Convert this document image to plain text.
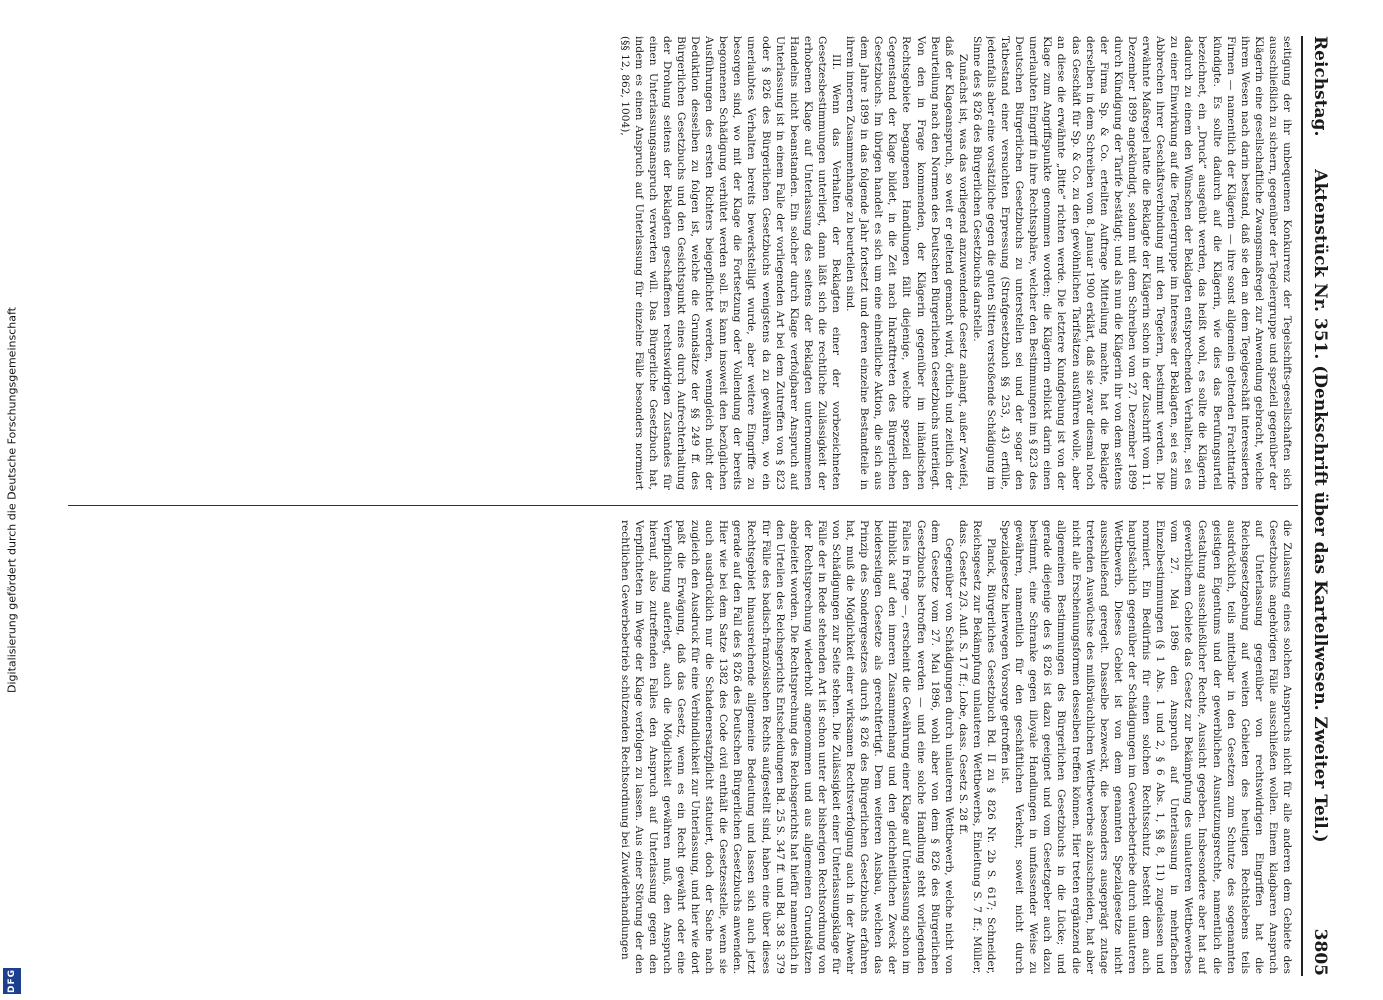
Digitalisierung gefördert durch die Deutsche Forschungsgemeinschaft
DFG
Reichstag.
Aktenstück Nr. 351. (Denkschrift über das Kartellwesen. Zweiter Teil.)
3805

seitigung der ihr unbequemen Konkurrenz der Tegelschifts-gesellschaften sich ausschließlich zu sichern, gegenüber der Tegelergruppe und speziell gegenüber der Klägerin eine gesellschaftliche Zwangsmaßregel zur Anwendung gebracht, welche ihrem Wesen nach darin bestand, daß sie den an dem Tegelgeschäft interessierten Firmen — namentlich der Klägerin — ihre sonst allgemein geltenden Frachttarife kündigte. Es sollte dadurch auf die Klägerin, wie dies das Berufungsurteil bezeichnet, ein „Druck“ ausgeübt werden, das heißt wohl, es sollte die Klägerin dadurch zu einem den Wünschen der Beklagten entsprechenden Verhalten, sei es zu einer Einwirkung auf die Tegelergruppe im Interesse der Beklagten, sei es zum Abbrechen ihrer Geschäftsverbindung mit den Tegelern, bestimmt werden. Die erwähnte Maßregel hatte die Beklagte der Klägerin schon in der Zuschrift vom 11. Dezember 1899 angekündigt, sodann mit dem Schreiben vom 27. Dezember 1899 durch Kündigung der Tarife bestätigt; und als nun die Klägerin ihr von dem seitens der Firma Sp. & Co. erteilten Auftrage Mitteilung machte, hat die Beklagte derselben in dem Schreiben vom 8. Januar 1900 erklärt, daß sie zwar diesmal noch das Geschäft für Sp. & Co. zu den gewöhnlichen Tarifsätzen ausführen wolle, aber an diese die erwähnte „Bitte“ richten werde. Die letztere Kundgebung ist von der Klage zum Angriffspunkte genommen worden; die Klägerin erblickt darin einen unerlaubten Eingriff in ihre Rechtssphäre, welcher den Bestimmungen im § 823 des Deutschen Bürgerlichen Gesetzbuchs zu unterstellen sei und der sogar den Tatbestand einer versuchten Erpressung (Strafgesetzbuch §§ 253, 43) erfülle, jedenfalls aber eine vorsätzliche gegen die guten Sitten verstoßende Schädigung im Sinne des § 826 des Bürgerlichen Gesetzbuchs darstelle.

Zunächst ist, was das vorliegend anzuwendende Gesetz anlangt, außer Zweifel, daß der Klageanspruch, so weit er geltend gemacht wird, örtlich und zeitlich der Beurteilung nach den Normen des Deutschen Bürgerlichen Gesetzbuchs unterliegt. Von den in Frage kommenden, der Klägerin gegenüber im inländischen Rechtsgebiete begangenen Handlungen fällt diejenige, welche speziell den Gegenstand der Klage bildet, in die Zeit nach Inkrafttreten des Bürgerlichen Gesetzbuchs. Im übrigen handelt es sich um eine einheitliche Aktion, die sich aus dem Jahre 1899 in das folgende Jahr fortsetzt und deren einzelne Bestandteile in ihrem inneren Zusammenhange zu beurteilen sind.

III. Wenn das Verhalten der Beklagten einer der vorbezeichneten Gesetzesbestimmungen unterliegt, dann läßt sich die rechtliche Zulässigkeit der erhobenen Klage auf Unterlassung des seitens der Beklagten unternommenen Handelns nicht beanstanden. Ein solcher durch Klage verfolgbarer Anspruch auf Unterlassung ist in einem Falle der vorliegenden Art bei dem Zutreffen von § 823 oder § 826 des Bürgerlichen Gesetzbuchs wenigstens da zu gewähren, wo ein unerlaubtes Verhalten bereits bewerkstelligt wurde, aber weitere Eingriffe zu besorgen sind, wo mit der Klage die Fortsetzung oder Vollendung der bereits begonnenen Schädigung verhütet werden soll. Es kann insoweit den bezüglichen Ausführungen des ersten Richters beigepflichtet werden, wenngleich nicht der Deduktion desselben zu folgen ist, welche die Grundsätze der §§ 249 ff. des Bürgerlichen Gesetzbuchs und den Gesichtspunkt eines durch Aufrechterhaltung der Drohung seitens der Beklagten geschaffenen rechtswidrigen Zustandes für einen Unterlassungsanspruch verwerten will. Das Bürgerliche Gesetzbuch hat, indem es einen Anspruch auf Unterlassung für einzelne Fälle besonders normiert (§§ 12, 862, 1004),

die Zulassung eines solchen Anspruchs nicht für alle anderen dem Gebiete des Gesetzbuchs angehörigen Fälle ausschließen wollen. Einem klagbaren Anspruch auf Unterlassung gegenüber von rechtswidrigen Eingriffen hat die Reichsgesetzgebung auf weiten Gebieten des heutigen Rechtslebens teils ausdrücklich, teils mittelbar in den Gesetzen zum Schutze des sogenannten geistigen Eigentums und der gewerblichen Ausnutzungsrechte, namentlich die Gestaltung ausschließlicher Rechte, Aussicht gegeben. Insbesondere aber hat auf gewerblichem Gebiete das Gesetz zur Bekämpfung des unlauteren Wettbewerbes vom 27. Mai 1896 den Anspruch auf Unterlassung in mehrfachen Einzelbestimmungen (§ 1 Abs. 1 und 2, § 6 Abs. 1, §§ 8, 11) zugelassen und normiert. Ein Bedürfnis für einen solchen Rechtsschutz besteht dem auch hauptsächlich gegenüber der Schädigungen im Gewerbebetriebe durch unlauteren Wettbewerb. Dieses Gebiet ist von dem genannten Spezialgesetze nicht ausschließend geregelt. Dasselbe bezweckt, die besonders ausgeprägt zutage tretenden Auswüchse des mißbräuchlichen Wettbewerbes abzuschneiden, hat aber nicht alle Erscheinungsformen desselben treffen können. Hier treten ergänzend die allgemeinen Bestimmungen des Bürgerlichen Gesetzbuchs in die Lücke; und gerade diejenige des § 826 ist dazu geeignet und vom Gesetzgeber auch dazu bestimmt, eine Schranke gegen illoyale Handlungen in umfassender Weise zu gewähren, namentlich für den geschäftlichen Verkehr, soweit nicht durch Spezialgesetze hierwegen Vorsorge getroffen ist.

Planck, Bürgerliches Gesetzbuch Bd. II zu § 826 Nr. 2b S. 617; Schneider, Reichsgesetz zur Bekämpfung unlauteren Wettbewerbs, Einleitung S. 7 ff.; Müller, dass. Gesetz 2/3. Aufl. S. 17 ff.; Lobe, dass. Gesetz S. 28 ff.

Gegenüber von Schädigungen durch unlauteren Wettbewerb, welche nicht von dem Gesetze vom 27. Mai 1896, wohl aber von dem § 826 des Bürgerlichen Gesetzbuchs betroffen werden — und eine solche Handlung steht vorliegenden Falles in Frage —, erscheint die Gewährung einer Klage auf Unterlassung schon im Hinblick auf den inneren Zusammenhang und den gleichheitlichen Zweck der beiderseitigen Gesetze als gerechtfertigt. Dem weiteren Ausbau, welchen das Prinzip des Sondergesetzes durch § 826 des Bürgerlichen Gesetzbuchs erfahren hat, muß die Möglichkeit einer wirksamen Rechtsverfolgung auch in der Abwehr von Schädigungen zur Seite stehen. Die Zulässigkeit einer Unterlassungsklage für Fälle der in Rede stehenden Art ist schon unter der bisherigen Rechtsordnung von der Rechtsprechung wiederholt angenommen und aus allgemeinen Grundsätzen abgeleitet worden. Die Rechtsprechung des Reichsgerichts hat hiefür namentlich in den Urteilen des Reichsgerichts Entscheidungen Bd. 25 S. 347 ff. und Bd. 38 S. 379 für Fälle des badisch-französischen Rechts aufgestellt sind, haben eine über dieses Rechtsgebiet hinausreichende allgemeine Bedeutung und lassen sich auch jetzt gerade auf den Fall des § 826 des Deutschen Bürgerlichen Gesetzbuchs anwenden. Hier wie bei dem Satze 1382 des Code civil enthält die Gesetzesstelle, wenn sie auch ausdrücklich nur die Schadenersatzpflicht statuiert, doch der Sache nach zugleich den Ausdruck für eine Verbindlichkeit zur Unterlassung, und hier wie dort paßt die Erwägung, daß das Gesetz, wenn es ein Recht gewährt oder eine Verpflichtung auferlegt, auch die Möglichkeit gewähren muß, den Anspruch hierauf, also zutreffenden Falles den Anspruch auf Unterlassung gegen den Verpflichteten im Wege der Klage verfolgen zu lassen. Aus einer Störung der den rechtlichen Gewerbebetrieb schützenden Rechtsordnung bei Zuwiderhandlungen
